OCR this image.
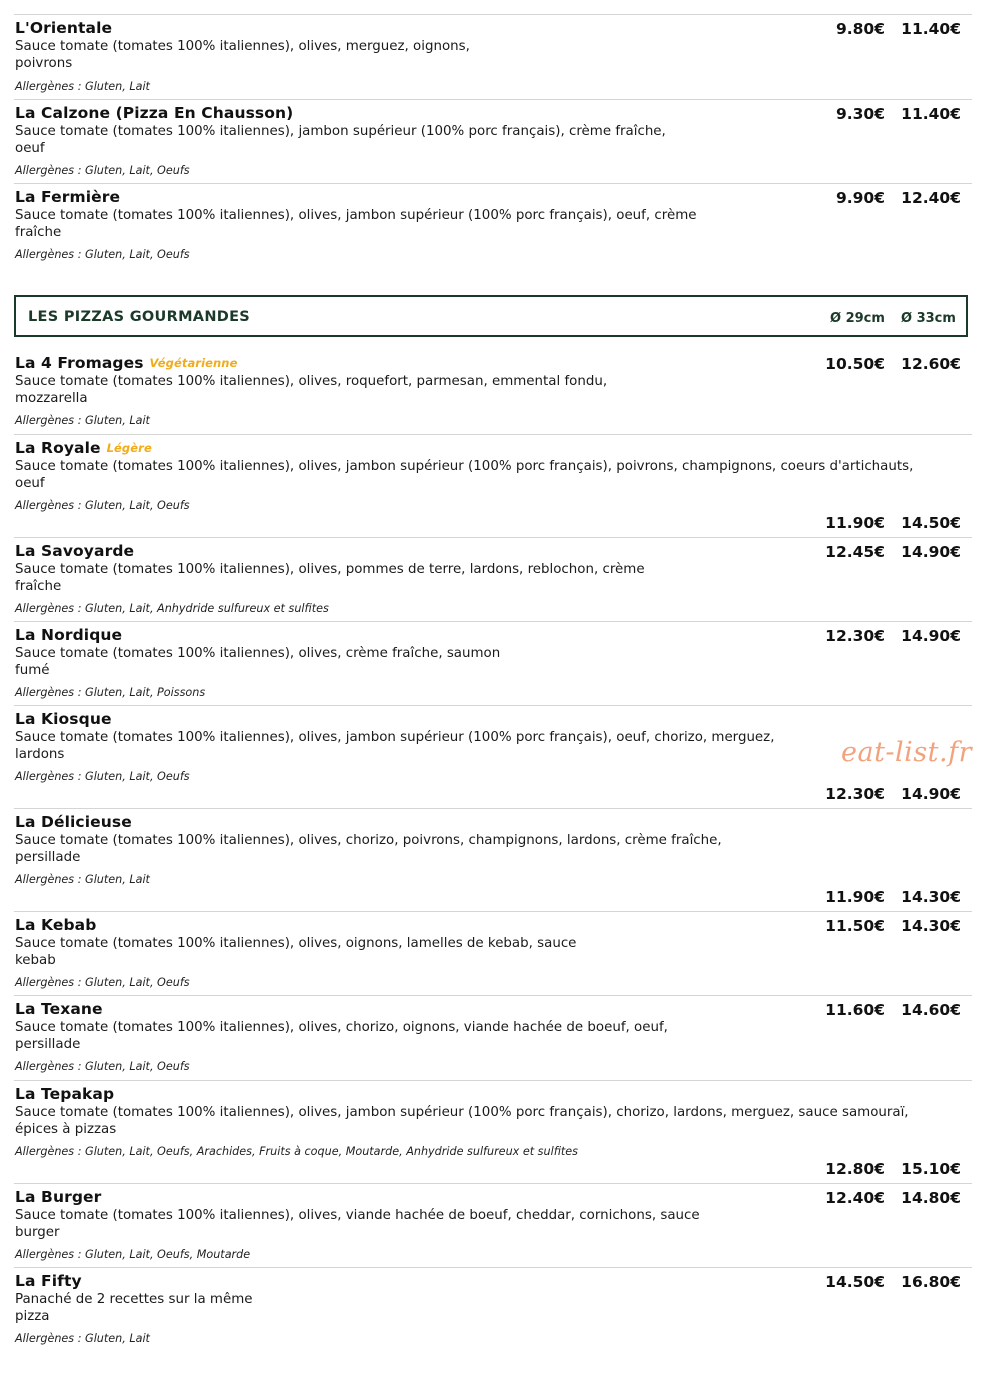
L'Orientale
Sauce tomate (tomates 100% italiennes), olives, merguez, oignons,
poivrons
Allergènes : Gluten, Lait
9.80€ 11.40€
La Calzone (Pizza En Chausson)
Sauce tomate (tomates 100% italiennes), jambon supérieur (100% porc français), crème fraîche,
oeuf
Allergènes : Gluten, Lait, Oeufs
9.30€ 11.40€
La Fermière
Sauce tomate (tomates 100% italiennes), olives, jambon supérieur (100% porc français), oeuf, crème
fraîche
Allergènes : Gluten, Lait, Oeufs
9.90€ 12.40€
LES PIZZAS GOURMANDES	Ø 29cm Ø 33cm
La 4 Fromages Végétarienne
Sauce tomate (tomates 100% italiennes), olives, roquefort, parmesan, emmental fondu,
mozzarella
Allergènes : Gluten, Lait
10.50€ 12.60€
La Royale Légère
Sauce tomate (tomates 100% italiennes), olives, jambon supérieur (100% porc français), poivrons, champignons, coeurs d'artichauts,
oeuf
Allergènes : Gluten, Lait, Oeufs
11.90€ 14.50€
La Savoyarde
Sauce tomate (tomates 100% italiennes), olives, pommes de terre, lardons, reblochon, crème
fraîche
Allergènes : Gluten, Lait, Anhydride sulfureux et sulfites
12.45€ 14.90€
La Nordique
Sauce tomate (tomates 100% italiennes), olives, crème fraîche, saumon
fumé
Allergènes : Gluten, Lait, Poissons
12.30€ 14.90€
La Kiosque
Sauce tomate (tomates 100% italiennes), olives, jambon supérieur (100% porc français), oeuf, chorizo, merguez,
lardons
Allergènes : Gluten, Lait, Oeufs
12.30€ 14.90€
La Délicieuse
Sauce tomate (tomates 100% italiennes), olives, chorizo, poivrons, champignons, lardons, crème fraîche,
persillade
Allergènes : Gluten, Lait
11.90€ 14.30€
La Kebab
Sauce tomate (tomates 100% italiennes), olives, oignons, lamelles de kebab, sauce
kebab
Allergènes : Gluten, Lait, Oeufs
11.50€ 14.30€
La Texane
Sauce tomate (tomates 100% italiennes), olives, chorizo, oignons, viande hachée de boeuf, oeuf,
persillade
Allergènes : Gluten, Lait, Oeufs
11.60€ 14.60€
La Tepakap
Sauce tomate (tomates 100% italiennes), olives, jambon supérieur (100% porc français), chorizo, lardons, merguez, sauce samouraï,
épices à pizzas
Allergènes : Gluten, Lait, Oeufs, Arachides, Fruits à coque, Moutarde, Anhydride sulfureux et sulfites
12.80€ 15.10€
La Burger
Sauce tomate (tomates 100% italiennes), olives, viande hachée de boeuf, cheddar, cornichons, sauce
burger
Allergènes : Gluten, Lait, Oeufs, Moutarde
12.40€ 14.80€
La Fifty
Panaché de 2 recettes sur la même
pizza
Allergènes : Gluten, Lait
14.50€ 16.80€
eat-list.fr
